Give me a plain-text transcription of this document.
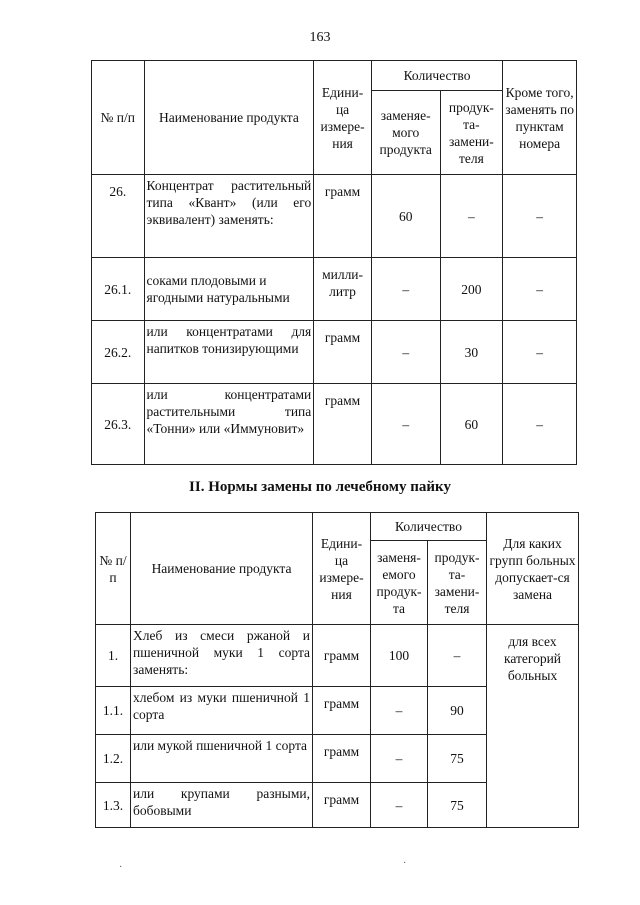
163
№ п/п	Наименование продукта	Едини-ца измере-ния	Количество		Кроме того, заменять по пунктам номера
			заменяе-мого продукта	продук-та-замени-теля	
26.	Концентрат растительный типа «Квант» (или его эквивалент) заменять:	грамм	60	–	–
26.1.	соками плодовыми и ягодными натуральными	милли-литр	–	200	–
26.2.	или концентратами для напитков тонизирующими	грамм	–	30	–
26.3.	или концентратами растительными типа «Тонни» или «Иммуновит»	грамм	–	60	–
II. Нормы замены по лечебному пайку
№ п/п	Наименование продукта	Едини-ца измере-ния	Количество		Для каких групп больных допускает-ся замена
			заменя-емого продук-та	продук-та-замени-теля	
1.	Хлеб из смеси ржаной и пшеничной муки 1 сорта заменять:	грамм	100	–	для всех категорий больных
1.1.	хлебом из муки пшеничной 1 сорта	грамм	–	90	
1.2.	или мукой пшеничной 1 сорта	грамм	–	75	
1.3.	или крупами разными, бобовыми	грамм	–	75	
·	·
